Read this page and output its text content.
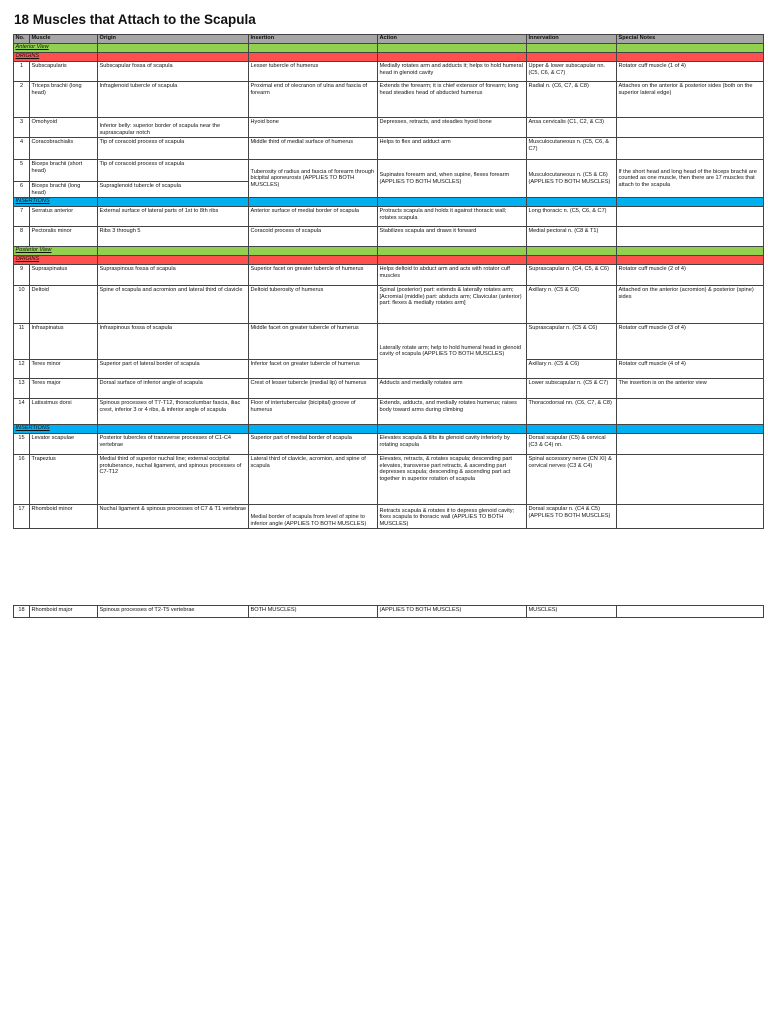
18 Muscles that Attach to the Scapula
No.	Muscle	Origin	Insertion	Action	Innervation	Special Notes
Anterior View						
ORIGINS						
1	Subscapularis	Subscapular fossa of scapula	Lesser tubercle of humerus	Medially rotates arm and adducts it; helps to hold humeral head in glenoid cavity	Upper & lower subscapular nn. (C5, C6, & C7)	Rotator cuff muscle (1 of 4)
2	Triceps brachii (long head)	Infraglenoid tubercle of scapula	Proximal end of olecranon of ulna and fascia of forearm	Extends the forearm; it is chief extensor of forearm; long head steadies head of abducted humerus	Radial n. (C6, C7, & C8)	Attaches on the anterior & posterior sides (both on the superior lateral edge)
3	Omohyoid	Inferior belly: superior border of scapula near the suprascapular notch	Hyoid bone	Depresses, retracts, and steadies hyoid bone	Ansa cervicalis (C1, C2, & C3)	
4	Coracobrachialis	Tip of coracoid process of scapula	Middle third of medial surface of humerus	Helps to flex and adduct arm	Musculocutaneous n. (C5, C6, & C7)	
5	Biceps brachii (short head)	Tip of coracoid process of scapula	Tuberosity of radius and fascia of forearm through bicipital aponeurosis (APPLIES TO BOTH MUSCLES)	Supinates forearm and, when supine, flexes forearm (APPLIES TO BOTH MUSCLES)	Musculocutaneous n. (C5 & C6) (APPLIES TO BOTH MUSCLES)	If the short head and long head of the biceps brachii are counted as one muscle, then there are 17 muscles that attach to the scapula
6	Biceps brachii (long head)	Supraglenoid tubercle of scapula				
INSERTIONS						
7	Serratus anterior	External surface of lateral parts of 1st to 8th ribs	Anterior surface of medial border of scapula	Protracts scapula and holds it against thoracic wall; rotates scapula	Long thoracic n. (C5, C6, & C7)	
8	Pectoralis minor	Ribs 3 through 5	Coracoid process of scapula	Stabilizes scapula and draws it forward	Medial pectoral n. (C8 & T1)	
Posterior View						
ORIGINS						
9	Supraspinatus	Supraspinous fossa of scapula	Superior facet on greater tubercle of humerus	Helps deltoid to abduct arm and acts with rotator cuff muscles	Suprascapular n. (C4, C5, & C6)	Rotator cuff muscle (2 of 4)
10	Deltoid	Spine of scapula and acromion and lateral third of clavicle	Deltoid tuberosity of humerus	Spinal (posterior) part: extends & laterally rotates arm; [Acromial (middle) part: abducts arm; Clavicular (anterior) part: flexes & medially rotates arm]	Axillary n. (C5 & C6)	Attached on the anterior (acromion) & posterior (spine) sides
11	Infraspinatus	Infraspinous fossa of scapula	Middle facet on greater tubercle of humerus	Laterally rotate arm; help to hold humeral head in glenoid cavity of scapula (APPLIES TO BOTH MUSCLES)	Suprascapular n. (C5 & C6)	Rotator cuff muscle (3 of 4)
12	Teres minor	Superior part of lateral border of scapula	Inferior facet on greater tubercle of humerus		Axillary n. (C5 & C6)	Rotator cuff muscle (4 of 4)
13	Teres major	Dorsal surface of inferior angle of scapula	Crest of lesser tubercle (medial lip) of humerus	Adducts and medially rotates arm	Lower subscapular n. (C5 & C7)	The insertion is on the anterior view
14	Latissimus dorsi	Spinous processes of T7-T12, thoracolumbar fascia, iliac crest, inferior 3 or 4 ribs, & inferior angle of scapula	Floor of intertubercular (bicipital) groove of humerus	Extends, adducts, and medially rotates humerus; raises body toward arms during climbing	Thoracodorsal nn. (C6, C7, & C8)	
INSERTIONS						
15	Levator scapulae	Posterior tubercles of transverse processes of C1-C4 vertebrae	Superior part of medial border of scapula	Elevates scapula & tilts its glenoid cavity inferiorly by rotating scapula	Dorsal scapular (C5) & cervical (C3 & C4) nn.	
16	Trapezius	Medial third of superior nuchal line; external occipital protuberance, nuchal ligament, and spinous processes of C7-T12	Lateral third of clavicle, acromion, and spine of scapula	Elevates, retracts, & rotates scapula; descending part elevates, transverse part retracts, & ascending part depresses scapula; descending & ascending part act together in superior rotation of scapula	Spinal accessory nerve (CN XI) & cervical nerves (C3 & C4)	
17	Rhomboid minor	Nuchal ligament & spinous processes of C7 & T1 vertebrae	Medial border of scapula from level of spine to inferior angle (APPLIES TO BOTH MUSCLES)	Retracts scapula & rotates it to depress glenoid cavity; fixes scapula to thoracic wall (APPLIES TO BOTH MUSCLES)	Dorsal scapular n. (C4 & C5) (APPLIES TO BOTH MUSCLES)	
18	Rhomboid major	Spinous processes of T2-T5 vertebrae	BOTH MUSCLES)	(APPLIES TO BOTH MUSCLES)	MUSCLES)	
